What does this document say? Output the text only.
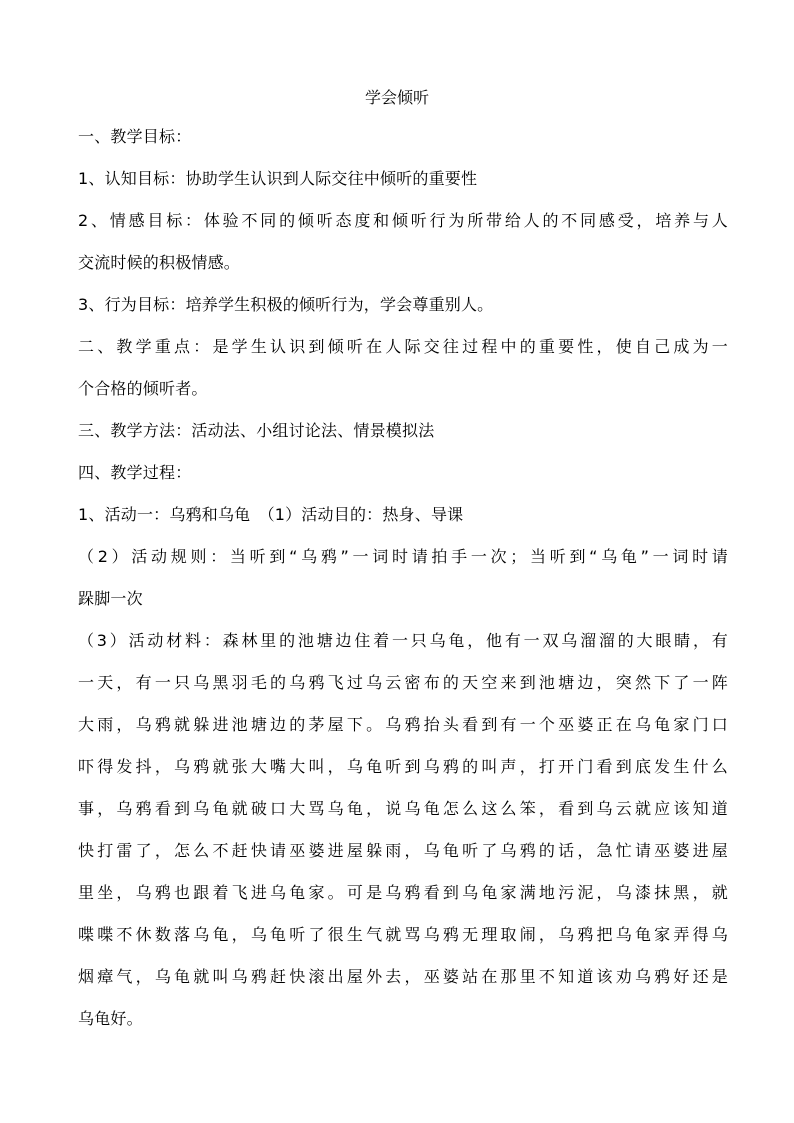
学会倾听

一、教学目标：

1、认知目标：协助学生认识到人际交往中倾听的重要性

2、情感目标：体验不同的倾听态度和倾听行为所带给人的不同感受，培养与人

交流时候的积极情感。

3、行为目标：培养学生积极的倾听行为，学会尊重别人。

二、教学重点：是学生认识到倾听在人际交往过程中的重要性，使自己成为一

个合格的倾听者。

三、教学方法：活动法、小组讨论法、情景模拟法

四、教学过程：

1、活动一：乌鸦和乌龟　（1）活动目的：热身、导课

（2）活动规则：当听到“乌鸦”一词时请拍手一次；当听到“乌龟”一词时请

跺脚一次

（3）活动材料：森林里的池塘边住着一只乌龟，他有一双乌溜溜的大眼睛，有

一天，有一只乌黑羽毛的乌鸦飞过乌云密布的天空来到池塘边，突然下了一阵

大雨，乌鸦就躲进池塘边的茅屋下。乌鸦抬头看到有一个巫婆正在乌龟家门口

吓得发抖，乌鸦就张大嘴大叫，乌龟听到乌鸦的叫声，打开门看到底发生什么

事，乌鸦看到乌龟就破口大骂乌龟，说乌龟怎么这么笨，看到乌云就应该知道

快打雷了，怎么不赶快请巫婆进屋躲雨，乌龟听了乌鸦的话，急忙请巫婆进屋

里坐，乌鸦也跟着飞进乌龟家。可是乌鸦看到乌龟家满地污泥，乌漆抹黑，就

喋喋不休数落乌龟，乌龟听了很生气就骂乌鸦无理取闹，乌鸦把乌龟家弄得乌

烟瘴气，乌龟就叫乌鸦赶快滚出屋外去，巫婆站在那里不知道该劝乌鸦好还是

乌龟好。
